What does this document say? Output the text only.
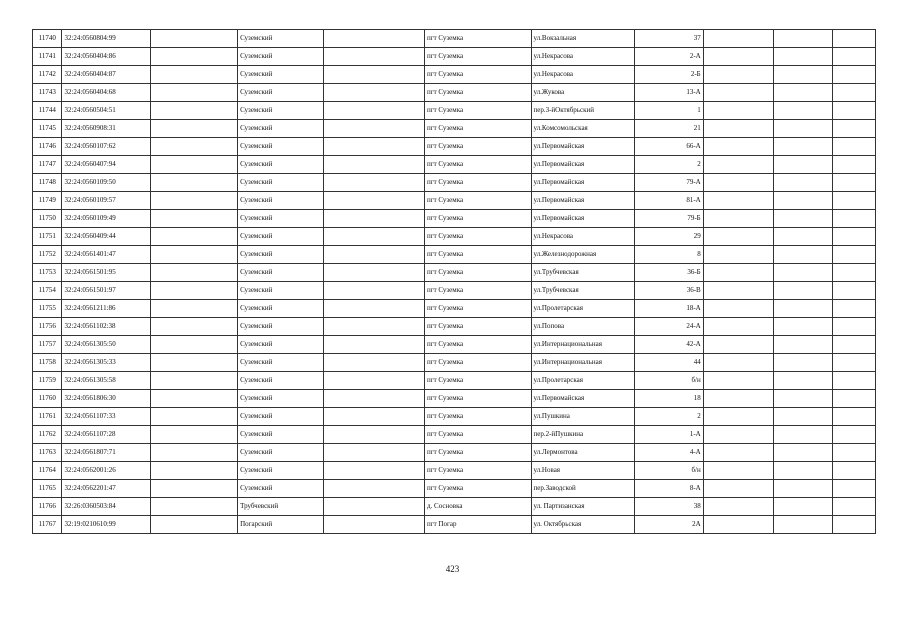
11740	32:24:0560804:99		Суземский		пгт Суземка	ул.Вокзальная	37			
11741	32:24:0560404:86		Суземский		пгт Суземка	ул.Некрасова	2-А			
11742	32:24:0560404:87		Суземский		пгт Суземка	ул.Некрасова	2-Б			
11743	32:24:0560404:68		Суземский		пгт Суземка	ул.Жукова	13-А			
11744	32:24:0560504:51		Суземский		пгт Суземка	пер.3-йОктябрьский	1			
11745	32:24:0560908:31		Суземский		пгт Суземка	ул.Комсомольская	21			
11746	32:24:0560107:62		Суземский		пгт Суземка	ул.Первомайская	66-А			
11747	32:24:0560407:94		Суземский		пгт Суземка	ул.Первомайская	2			
11748	32:24:0560109:50		Суземский		пгт Суземка	ул.Первомайская	79-А			
11749	32:24:0560109:57		Суземский		пгт Суземка	ул.Первомайская	81-А			
11750	32:24:0560109:49		Суземский		пгт Суземка	ул.Первомайская	79-Б			
11751	32:24:0560409:44		Суземский		пгт Суземка	ул.Некрасова	29			
11752	32:24:0561401:47		Суземский		пгт Суземка	ул.Железнодорожная	8			
11753	32:24:0561501:95		Суземский		пгт Суземка	ул.Трубчевская	36-Б			
11754	32:24:0561501:97		Суземский		пгт Суземка	ул.Трубчевская	36-В			
11755	32:24:0561211:86		Суземский		пгт Суземка	ул.Пролетарская	18-А			
11756	32:24:0561102:38		Суземский		пгт Суземка	ул.Попова	24-А			
11757	32:24:0561305:50		Суземский		пгт Суземка	ул.Интернациональная	42-А			
11758	32:24:0561305:33		Суземский		пгт Суземка	ул.Интернациональная	44			
11759	32:24:0561305:58		Суземский		пгт Суземка	ул.Пролетарская	б/н			
11760	32:24:0561806:30		Суземский		пгт Суземка	ул.Первомайская	18			
11761	32:24:0561107:33		Суземский		пгт Суземка	ул.Пушкина	2			
11762	32:24:0561107:28		Суземский		пгт Суземка	пер.2-йПушкина	1-А			
11763	32:24:0561807:71		Суземский		пгт Суземка	ул.Лермонтова	4-А			
11764	32:24:0562001:26		Суземский		пгт Суземка	ул.Новая	б/н			
11765	32:24:0562201:47		Суземский		пгт Суземка	пер.Заводской	8-А			
11766	32:26:0360503:84		Трубчевский		д. Сосновка	ул. Партизанская	38			
11767	32:19:0210610:99		Погарский		пгт Погар	ул. Октябрьская	2А			
423
